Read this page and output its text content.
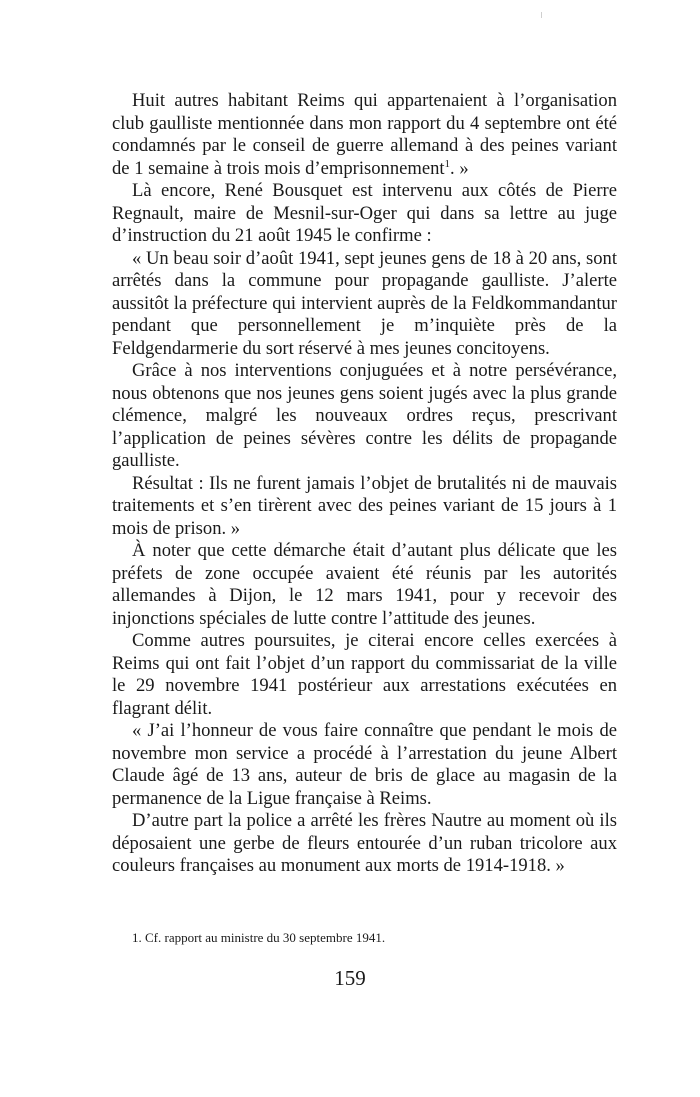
Huit autres habitant Reims qui appartenaient à l’organisation club gaulliste mentionnée dans mon rapport du 4 septembre ont été condamnés par le conseil de guerre allemand à des peines variant de 1 semaine à trois mois d’emprisonnement$^1$. »

Là encore, René Bousquet est intervenu aux côtés de Pierre Regnault, maire de Mesnil-sur-Oger qui dans sa lettre au juge d’instruction du 21 août 1945 le confirme :

« Un beau soir d’août 1941, sept jeunes gens de 18 à 20 ans, sont arrêtés dans la commune pour propagande gaulliste. J’alerte aussitôt la préfecture qui intervient auprès de la Feldkommandantur pendant que personnellement je m’inquiète près de la Feldgendarmerie du sort réservé à mes jeunes concitoyens.

Grâce à nos interventions conjuguées et à notre persévérance, nous obtenons que nos jeunes gens soient jugés avec la plus grande clémence, malgré les nouveaux ordres reçus, prescrivant l’application de peines sévères contre les délits de propagande gaulliste.

Résultat : Ils ne furent jamais l’objet de brutalités ni de mauvais traitements et s’en tirèrent avec des peines variant de 15 jours à 1 mois de prison. »

À noter que cette démarche était d’autant plus délicate que les préfets de zone occupée avaient été réunis par les autorités allemandes à Dijon, le 12 mars 1941, pour y recevoir des injonctions spéciales de lutte contre l’attitude des jeunes.

Comme autres poursuites, je citerai encore celles exercées à Reims qui ont fait l’objet d’un rapport du commissariat de la ville le 29 novembre 1941 postérieur aux arrestations exécutées en flagrant délit.

« J’ai l’honneur de vous faire connaître que pendant le mois de novembre mon service a procédé à l’arrestation du jeune Albert Claude âgé de 13 ans, auteur de bris de glace au magasin de la permanence de la Ligue française à Reims.

D’autre part la police a arrêté les frères Nautre au moment où ils déposaient une gerbe de fleurs entourée d’un ruban tricolore aux couleurs françaises au monument aux morts de 1914-1918. »

1. Cf. rapport au ministre du 30 septembre 1941.
159
